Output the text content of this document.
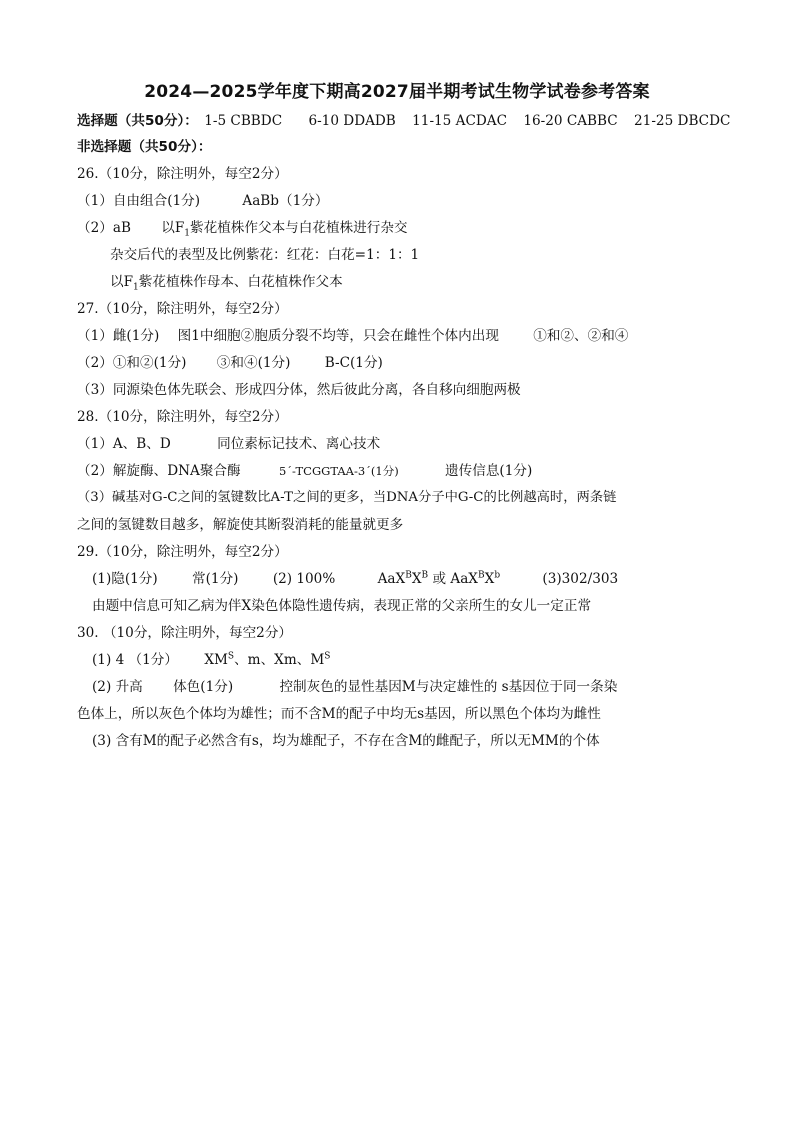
2024—2025学年度下期高2027届半期考试生物学试卷参考答案
选择题（共50分）： 1-5 CBBDC 6-10 DDADB 11-15 ACDAC 16-20 CABBC 21-25 DBCDC
非选择题（共50分）：
26.（10分，除注明外，每空2分）
（1）自由组合(1分)	AaBb（1分）
（2）aB 以$F_1$紫花植株作父本与白花植株进行杂交
杂交后代的表型及比例紫花：红花：白花=1：1：1
以$F_1$紫花植株作母本、白花植株作父本
27.（10分，除注明外，每空2分）
（1）雌(1分) 图1中细胞②胞质分裂不均等，只会在雌性个体内出现	①和②、②和④
（2）①和②(1分) ③和④(1分)	B-C(1分)
（3）同源染色体先联会、形成四分体，然后彼此分离，各自移向细胞两极
28.（10分，除注明外，每空2分）
（1）A、B、D	同位素标记技术、离心技术
（2）解旋酶、DNA聚合酶	5´-TCGGTAA-3´(1分)	遗传信息(1分)
（3）碱基对G-C之间的氢键数比A-T之间的更多，当DNA分子中G-C的比例越高时，两条链
之间的氢键数目越多，解旋使其断裂消耗的能量就更多
29.（10分，除注明外，每空2分）
(1)隐(1分)	常(1分)	(2) 100%	$AaX^BX^B$ 或 $AaX^BX^b$	(3)302/303
由题中信息可知乙病为伴X染色体隐性遗传病，表现正常的父亲所生的女儿一定正常
30. （10分，除注明外，每空2分）
(1) 4 （1分） $XM^S$、m、Xm、$M^S$
(2) 升高 体色(1分)	控制灰色的显性基因M与决定雄性的 s基因位于同一条染
色体上，所以灰色个体均为雄性；而不含M的配子中均无s基因，所以黑色个体均为雌性
(3) 含有M的配子必然含有s，均为雄配子，不存在含M的雌配子，所以无MM的个体
